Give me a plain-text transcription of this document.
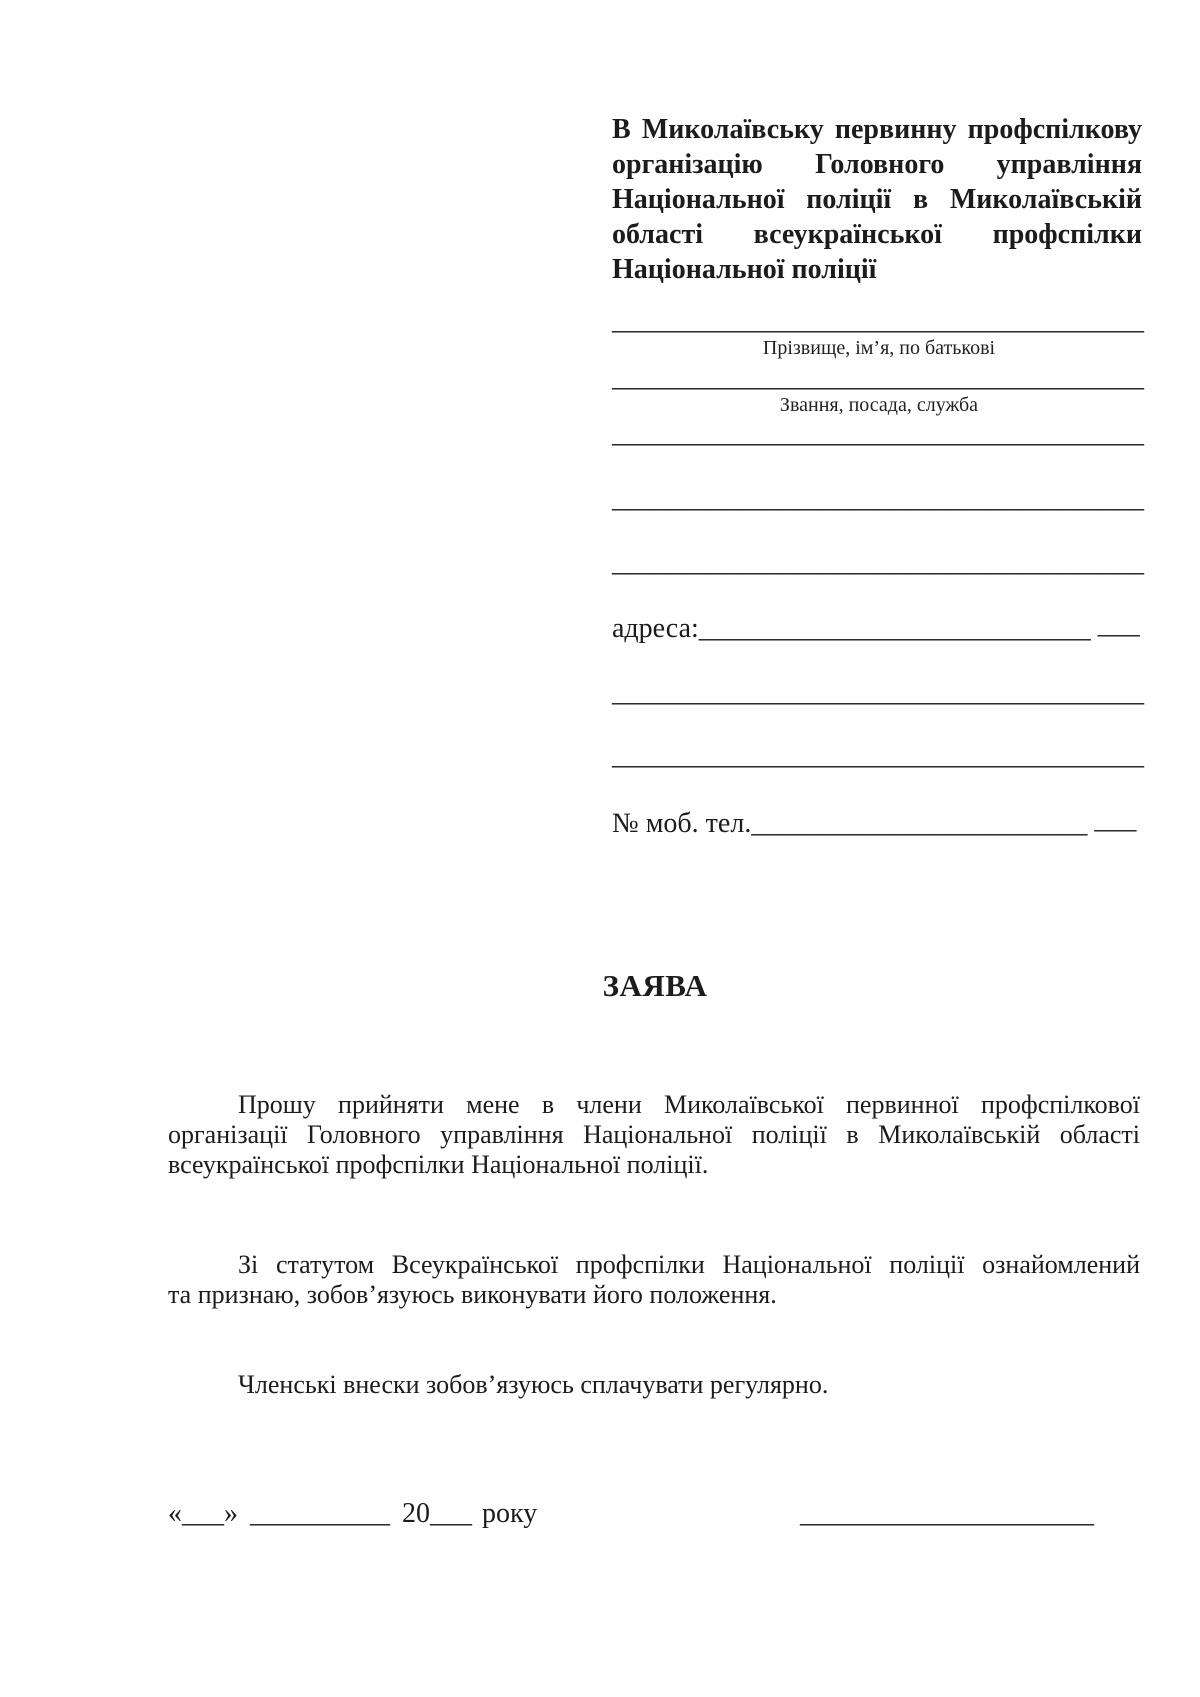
В Миколаївську первинну профспілкову
організацію Головного управління
Національної поліції в Миколаївській
області всеукраїнської профспілки
Національної поліції
______________________________________
Прізвище, ім’я, по батькові
______________________________________
Звання, посада, служба
______________________________________
______________________________________
______________________________________
адреса:____________________________ ___
______________________________________
______________________________________
№ моб. тел.________________________ ___
ЗАЯВА
Прошу прийняти мене в члени Миколаївської первинної профспілкової
організації Головного управління Національної поліції в Миколаївській області
всеукраїнської профспілки Національної поліції.
Зі статутом Всеукраїнської профспілки Національної поліції ознайомлений
та признаю, зобов’язуюсь виконувати його положення.
Членські внески зобов’язуюсь сплачувати регулярно.
«___» __________ 20___ року	_____________________
